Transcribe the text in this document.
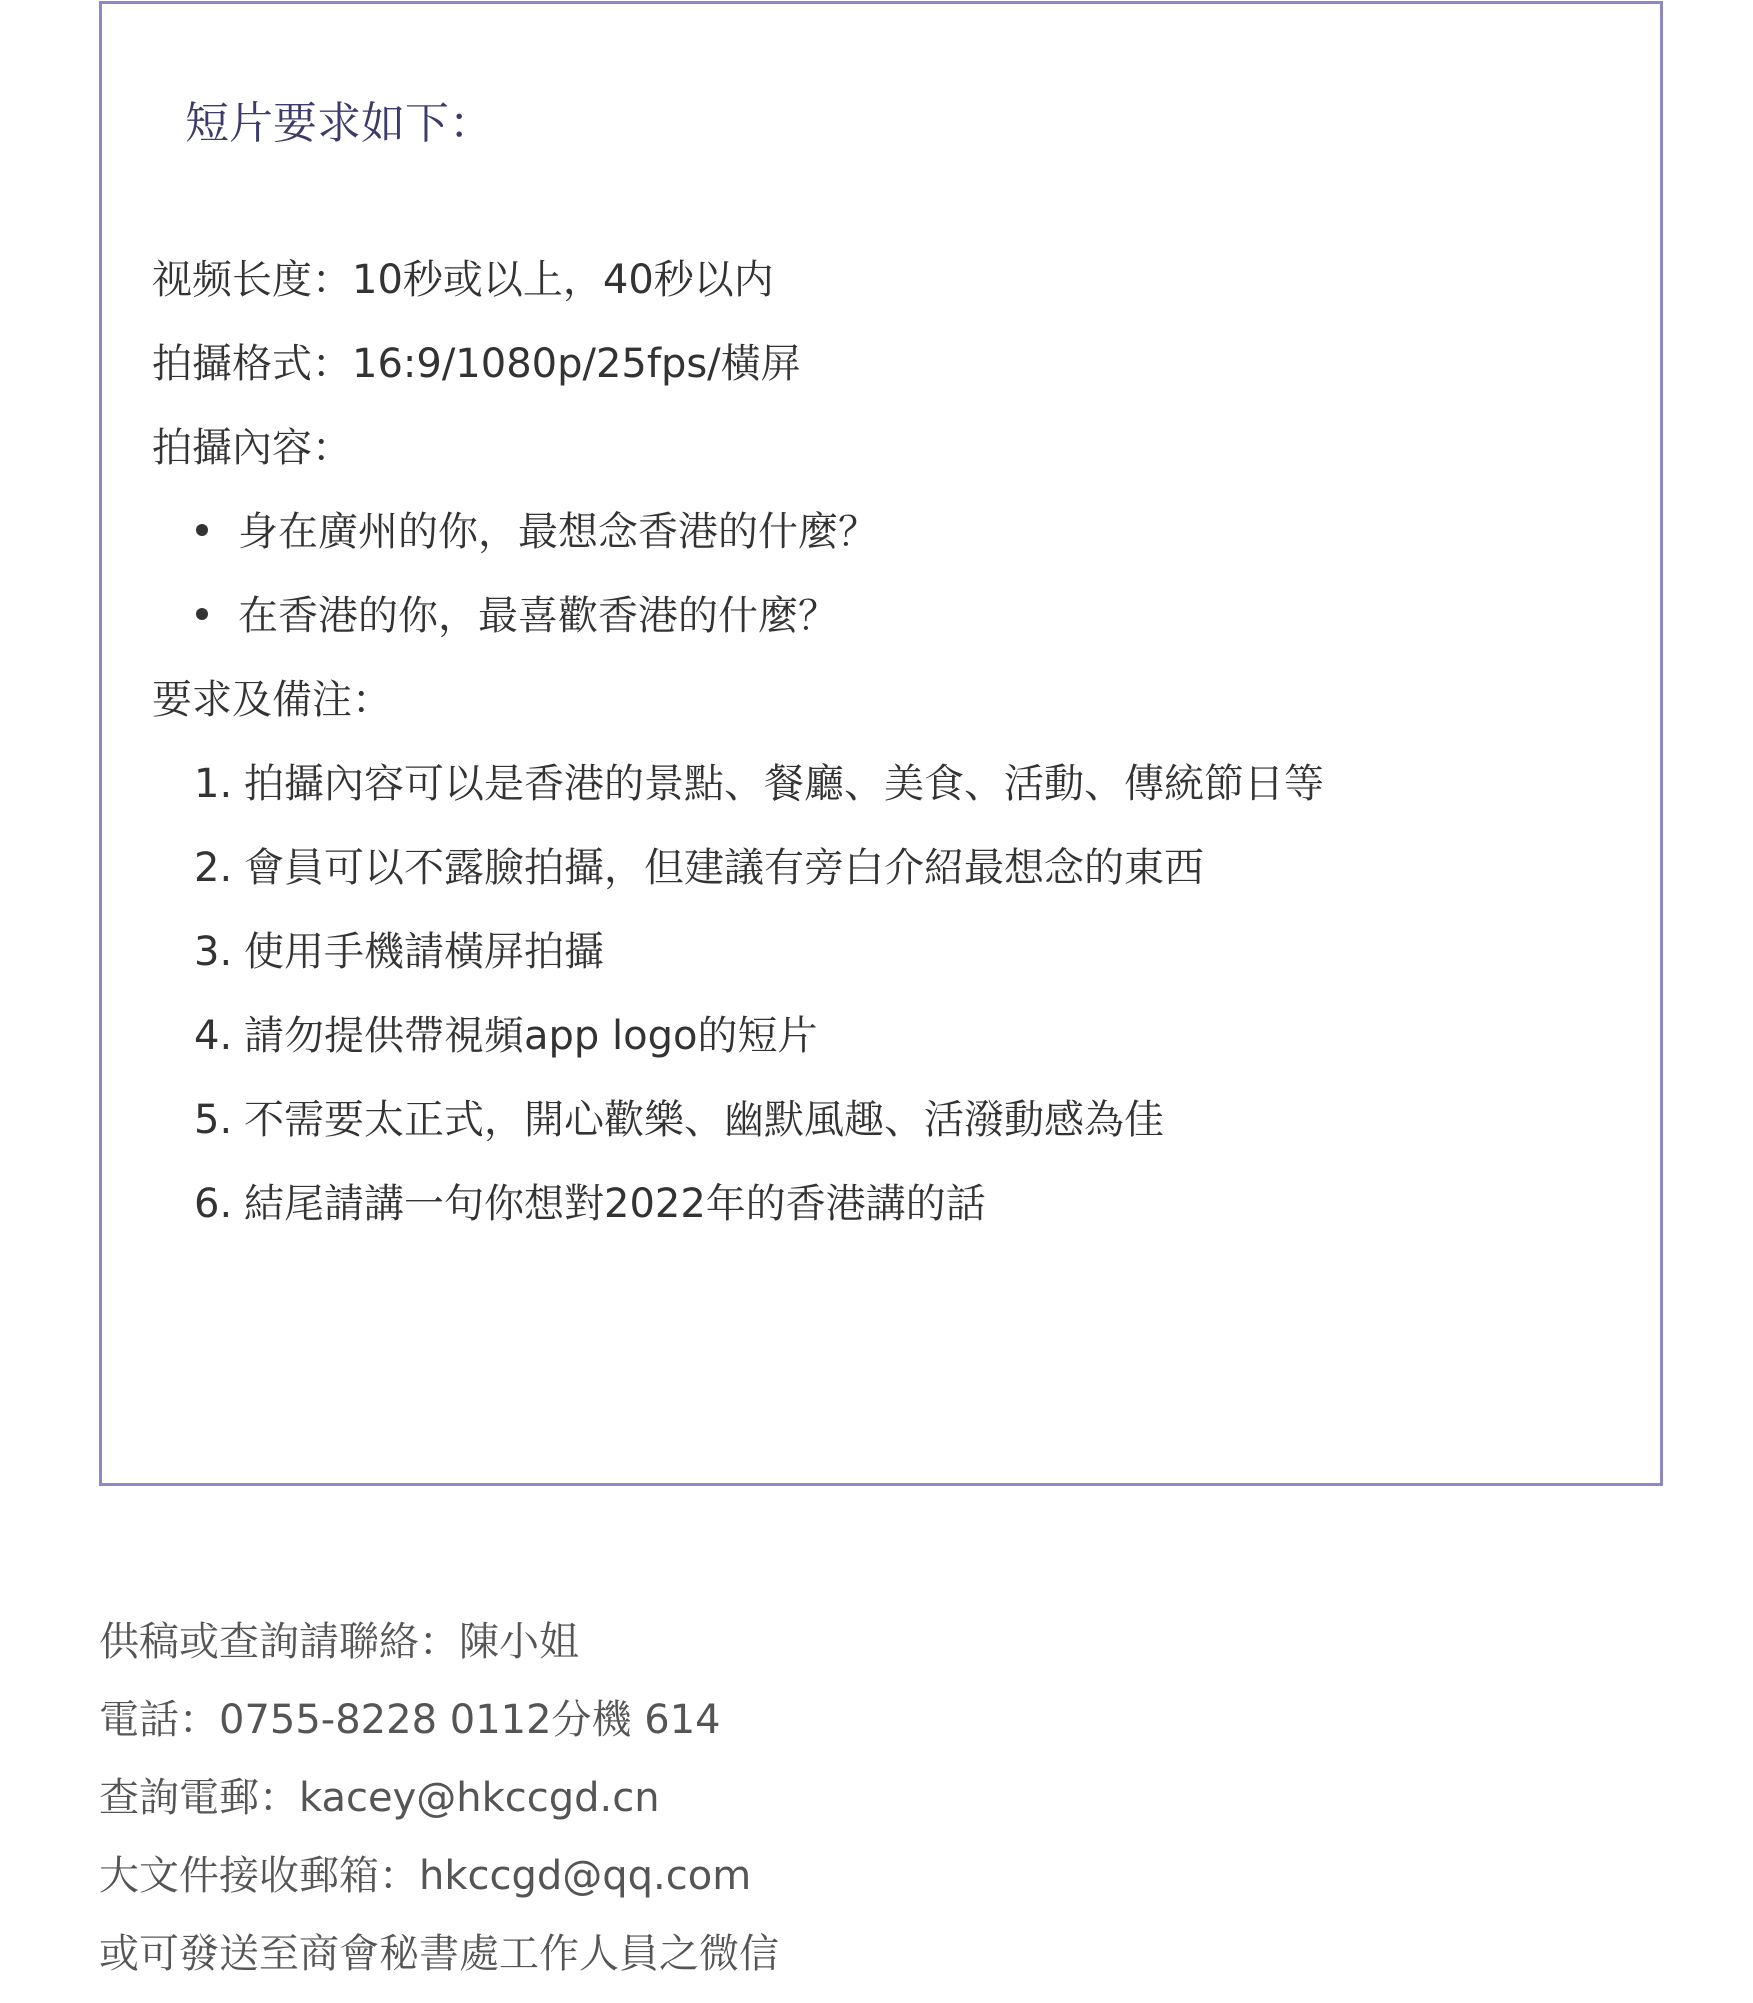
短片要求如下：
视频长度：10秒或以上，40秒以内
拍攝格式：16:9/1080p/25fps/橫屏
拍攝內容：
身在廣州的你，最想念香港的什麼？
在香港的你，最喜歡香港的什麼？
要求及備注：
1. 拍攝內容可以是香港的景點、餐廳、美食、活動、傳統節日等
2. 會員可以不露臉拍攝，但建議有旁白介紹最想念的東西
3. 使用手機請橫屏拍攝
4. 請勿提供帶視頻app logo的短片
5. 不需要太正式，開心歡樂、幽默風趣、活潑動感為佳
6. 結尾請講一句你想對2022年的香港講的話
供稿或查詢請聯絡：陳小姐
電話：0755-8228 0112分機 614
查詢電郵：kacey@hkccgd.cn
大文件接收郵箱：hkccgd@qq.com
或可發送至商會秘書處工作人員之微信
